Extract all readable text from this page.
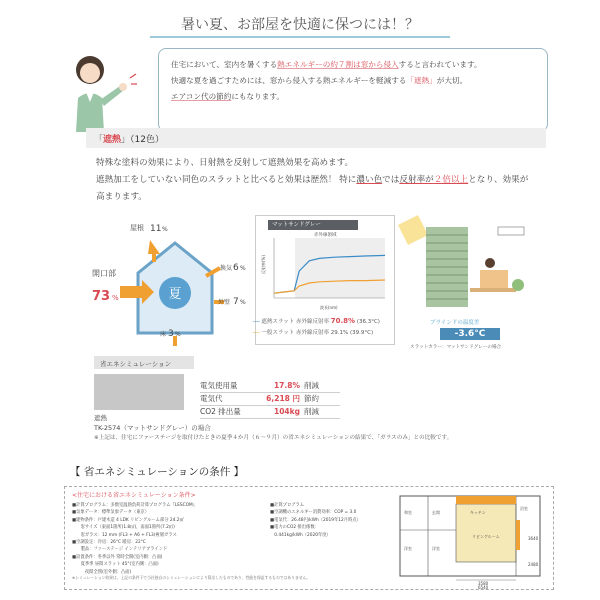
暑い夏、お部屋を快適に保つには！？
住宅において、室内を暑くする熱エネルギーの約７割は窓から侵入すると言われています。
快適な夏を過ごすためには、窓から侵入する熱エネルギーを軽減する「遮熱」が大切。
エアコン代の節約にもなります。
「遮熱」（12色）
特殊な塗料の効果により、日射熱を反射して遮熱効果を高めます。
遮熱加工をしていない同色のスラットと比べると効果は歴然！ 特に濃い色では反射率が２倍以上となり、効果が
高まります。
夏
屋根 11 %
開口部
73 %
換気 6 %
外壁 7 %
床 3 %
マットサンドグレー
赤外線領域
反射率(%)
波長(nm)
── 遮熱スラット 赤外線反射率 70.8% (36.3°C)
── 一般スラット 赤外線反射率 29.1% (39.9°C)
ブラインドの温度差
-3.6°C
スラットカラー：マットサンドグレーの場合
省エネシミュレーション
電気使用量	17.8% 削減
電気代	6,218 円 節約
CO2 排出量	104kg 削減
遮熱
TK-2574（マットサンドグレー）の場合
※上記は、住宅にファーステージを取付けたときの夏季４か月（６～９月）の省エネシミュレーションの結果で、「ガラスのみ」との比較です。
【 省エネシミュレーションの条件 】
<住宅における省エネシミュレーション条件>
■計算プログラム：多数室温熱負荷計算プログラム『LESCOM』
■気象データ：標準気象データ（東京）
■建物条件：戸建木造 4 LDK リビングルーム部分 24.2㎡
　　窓サイズ（東面1箇所(1.8㎡)，南面1箇所(7.2㎡)
　　窓ガラス：12 mm (FL3 + A6 + FL3)複層ガラス
■空調設定：冷房：26°C 暖房：22°C
　　製品：ファーステージ インテリアブラインド
■設置条件：冬季以外 常時全開(室内側：凸面)
　　夏季季 昼間スラット 45°(室内側：凸面)
　　　夜間全閉(室外側：凸面)
■計算プログラム
■空調機のエネルギー消費効率：COP = 3.0
■電気代：26.48円/kWh（2019年12月時点）
■電力のCO2 排出係数：
　0.441kg/kWh（2020年度）
※シミュレーション結果は、上記の条件下で当社独自のシミュレーションにより算出したものであり、性能を保証するものではありません。
キッチン
リビングルーム
和室
洋室	洋室
玄関
浴室
3580
6540
3640
2480
